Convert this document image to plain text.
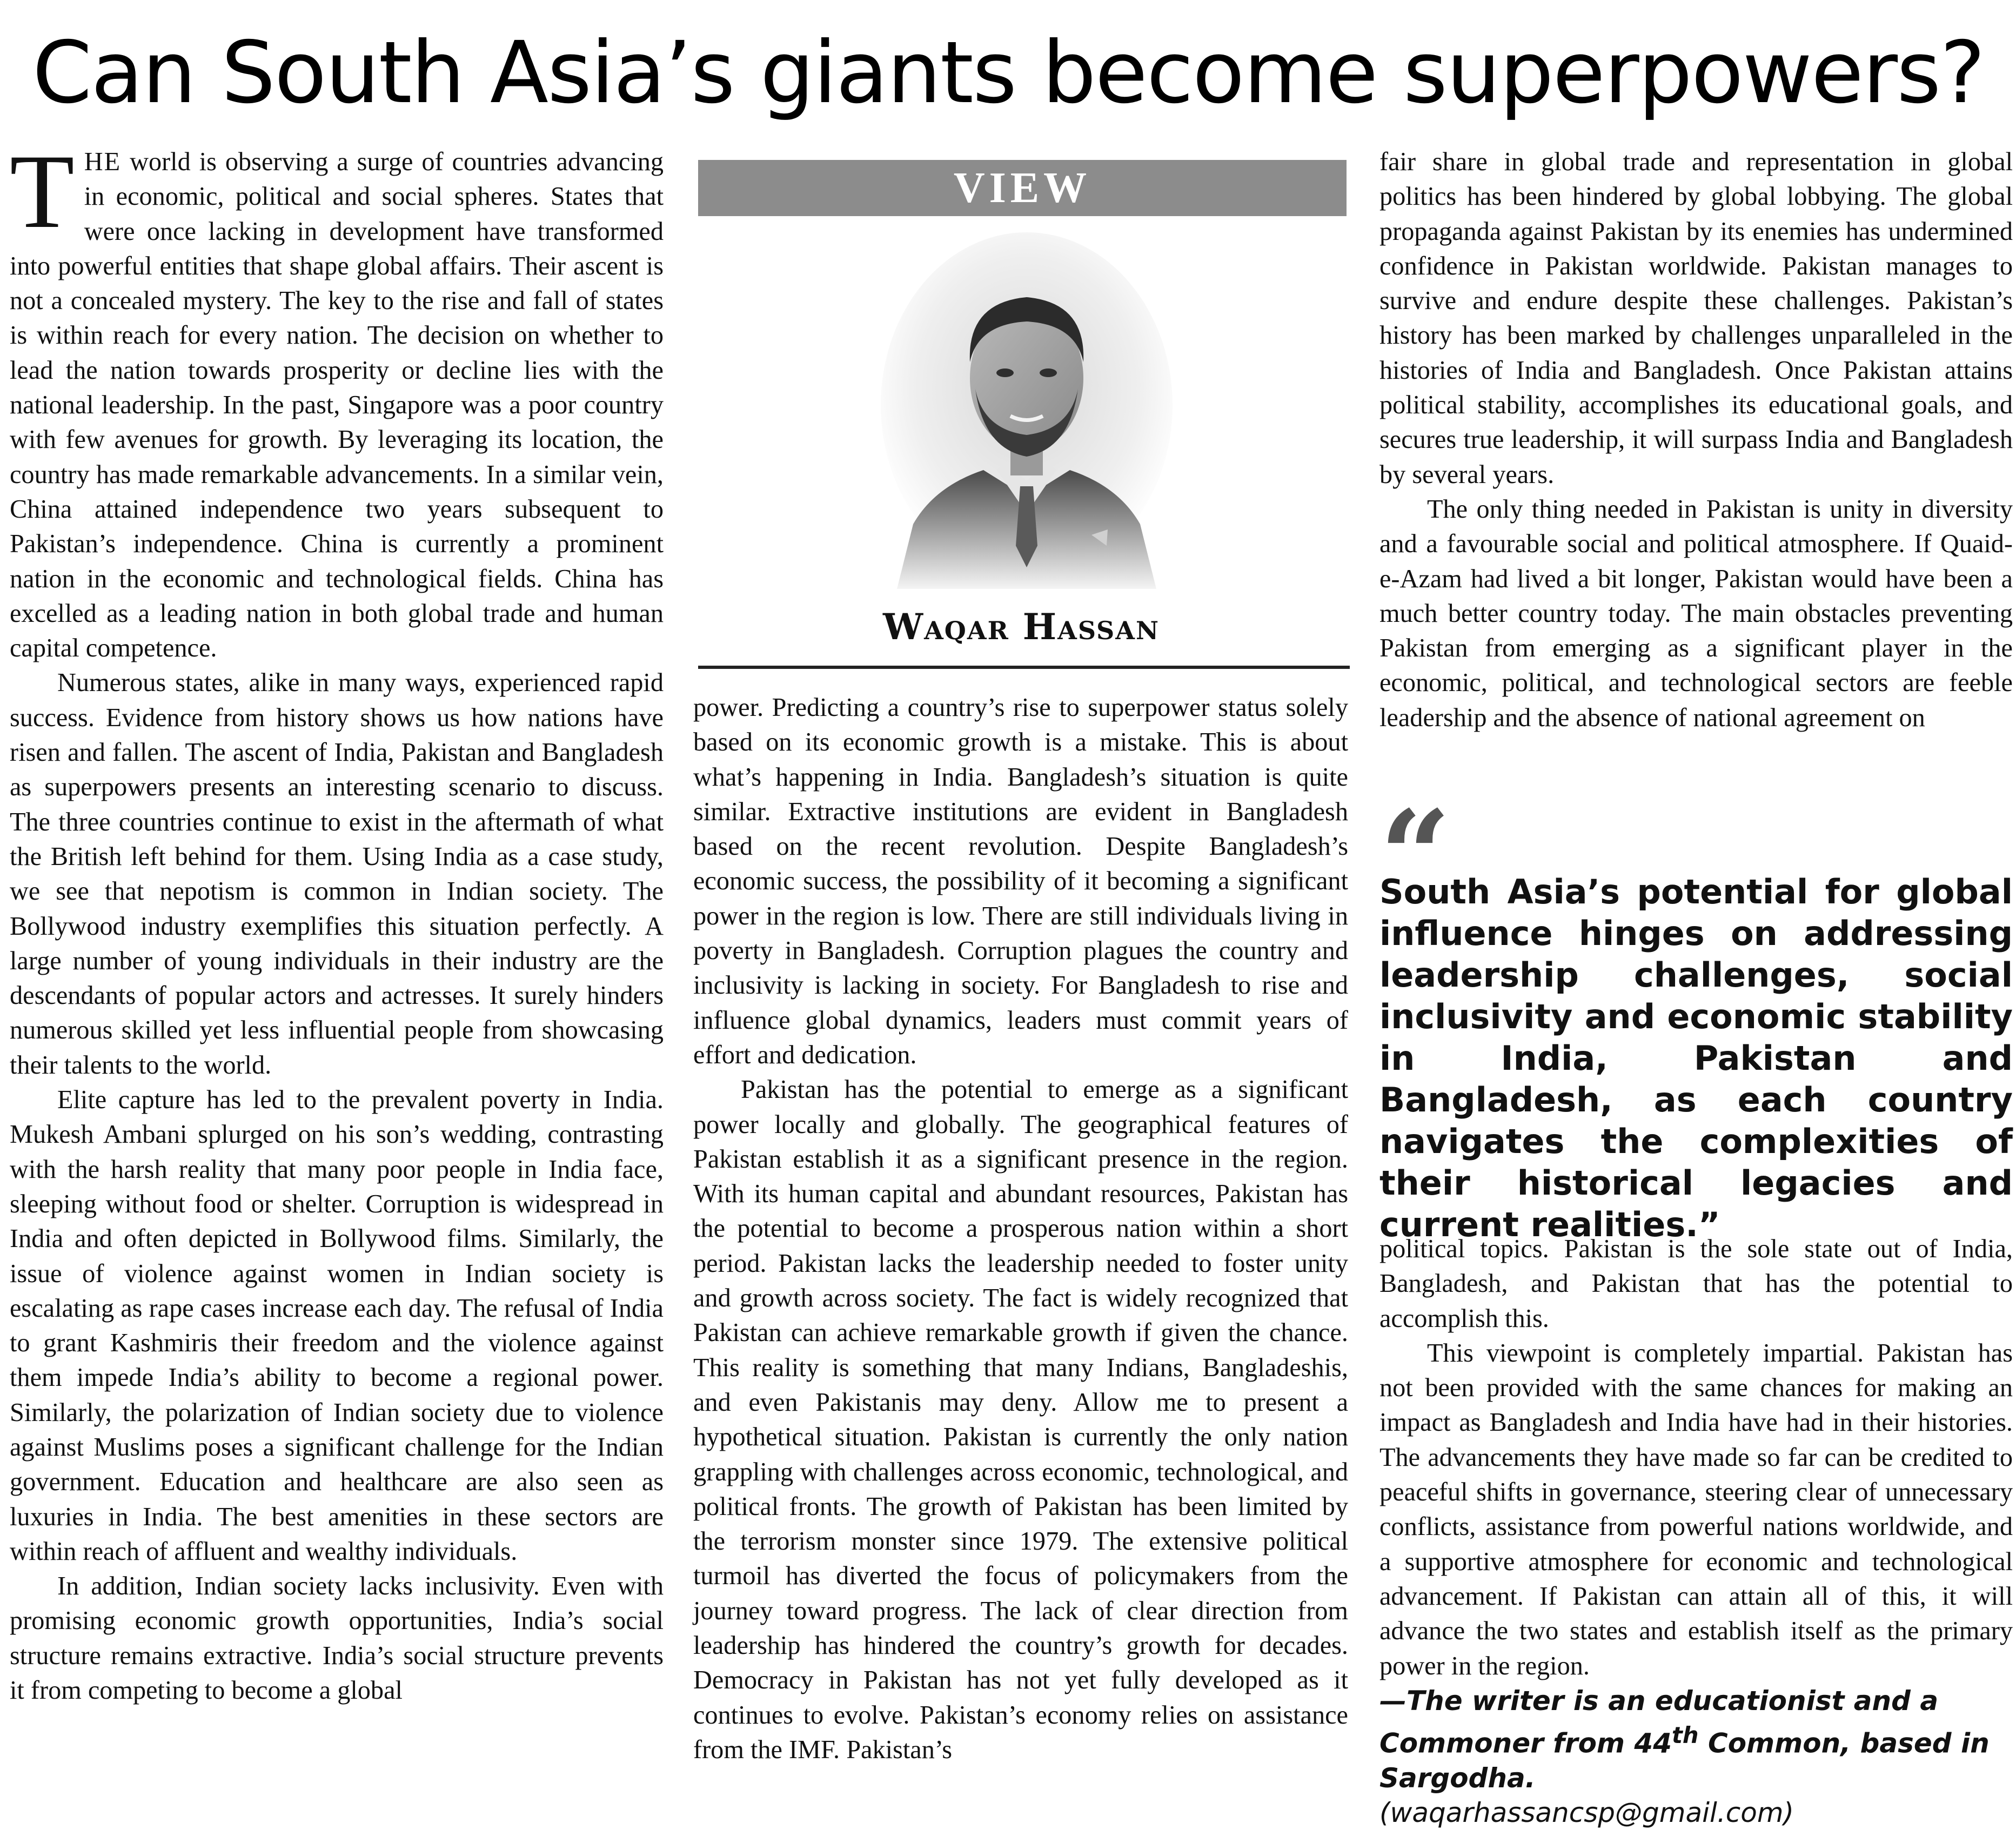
Can South Asia’s giants become superpowers?

THE world is observing a surge of countries advancing in economic, political and social spheres. States that were once lacking in development have transformed into powerful entities that shape global affairs. Their ascent is not a concealed mystery. The key to the rise and fall of states is within reach for every nation. The decision on whether to lead the nation towards prosperity or decline lies with the national leadership. In the past, Singapore was a poor country with few avenues for growth. By leveraging its location, the country has made remarkable advancements. In a similar vein, China attained independence two years subsequent to Pakistan’s independence. China is currently a prominent nation in the economic and technological fields. China has excelled as a leading nation in both global trade and human capital competence.

Numerous states, alike in many ways, experienced rapid success. Evidence from history shows us how nations have risen and fallen. The ascent of India, Pakistan and Bangladesh as superpowers presents an interesting scenario to discuss. The three countries continue to exist in the aftermath of what the British left behind for them. Using India as a case study, we see that nepotism is common in Indian society. The Bollywood industry exemplifies this situation perfectly. A large number of young individuals in their industry are the descendants of popular actors and actresses. It surely hinders numerous skilled yet less influential people from showcasing their talents to the world.

Elite capture has led to the prevalent poverty in India. Mukesh Ambani splurged on his son’s wedding, contrasting with the harsh reality that many poor people in India face, sleeping without food or shelter. Corruption is widespread in India and often depicted in Bollywood films. Similarly, the issue of violence against women in Indian society is escalating as rape cases increase each day. The refusal of India to grant Kashmiris their freedom and the violence against them impede India’s ability to become a regional power. Similarly, the polarization of Indian society due to violence against Muslims poses a significant challenge for the Indian government. Education and healthcare are also seen as luxuries in India. The best amenities in these sectors are within reach of affluent and wealthy individuals.

In addition, Indian society lacks inclusivity. Even with promising economic growth opportunities, India’s social structure remains extractive. India’s social structure prevents it from competing to become a global

VIEW
Waqar Hassan

power. Predicting a country’s rise to superpower status solely based on its economic growth is a mistake. This is about what’s happening in India. Bangladesh’s situation is quite similar. Extractive institutions are evident in Bangladesh based on the recent revolution. Despite Bangladesh’s economic success, the possibility of it becoming a significant power in the region is low. There are still individuals living in poverty in Bangladesh. Corruption plagues the country and inclusivity is lacking in society. For Bangladesh to rise and influence global dynamics, leaders must commit years of effort and dedication.

Pakistan has the potential to emerge as a significant power locally and globally. The geographical features of Pakistan establish it as a significant presence in the region. With its human capital and abundant resources, Pakistan has the potential to become a prosperous nation within a short period. Pakistan lacks the leadership needed to foster unity and growth across society. The fact is widely recognized that Pakistan can achieve remarkable growth if given the chance. This reality is something that many Indians, Bangladeshis, and even Pakistanis may deny. Allow me to present a hypothetical situation. Pakistan is currently the only nation grappling with challenges across economic, technological, and political fronts. The growth of Pakistan has been limited by the terrorism monster since 1979. The extensive political turmoil has diverted the focus of policymakers from the journey toward progress. The lack of clear direction from leadership has hindered the country’s growth for decades. Democracy in Pakistan has not yet fully developed as it continues to evolve. Pakistan’s economy relies on assistance from the IMF. Pakistan’s

fair share in global trade and representation in global politics has been hindered by global lobbying. The global propaganda against Pakistan by its enemies has undermined confidence in Pakistan worldwide. Pakistan manages to survive and endure despite these challenges. Pakistan’s history has been marked by challenges unparalleled in the histories of India and Bangladesh. Once Pakistan attains political stability, accomplishes its educational goals, and secures true leadership, it will surpass India and Bangladesh by several years.

The only thing needed in Pakistan is unity in diversity and a favourable social and political atmosphere. If Quaid-e-Azam had lived a bit longer, Pakistan would have been a much better country today. The main obstacles preventing Pakistan from emerging as a significant player in the economic, political, and technological sectors are feeble leadership and the absence of national agreement on

“

South Asia’s potential for global influence hinges on addressing leadership challenges, social inclusivity and economic stability in India, Pakistan and Bangladesh, as each country navigates the complexities of their historical legacies and current realities.”

political topics. Pakistan is the sole state out of India, Bangladesh, and Pakistan that has the potential to accomplish this.

This viewpoint is completely impartial. Pakistan has not been provided with the same chances for making an impact as Bangladesh and India have had in their histories. The advancements they have made so far can be credited to peaceful shifts in governance, steering clear of unnecessary conflicts, assistance from powerful nations worldwide, and a supportive atmosphere for economic and technological advancement. If Pakistan can attain all of this, it will advance the two states and establish itself as the primary power in the region.

—The writer is an educationist and a Commoner from 44th Common, based in Sargodha.

(waqarhassancsp@gmail.com)
